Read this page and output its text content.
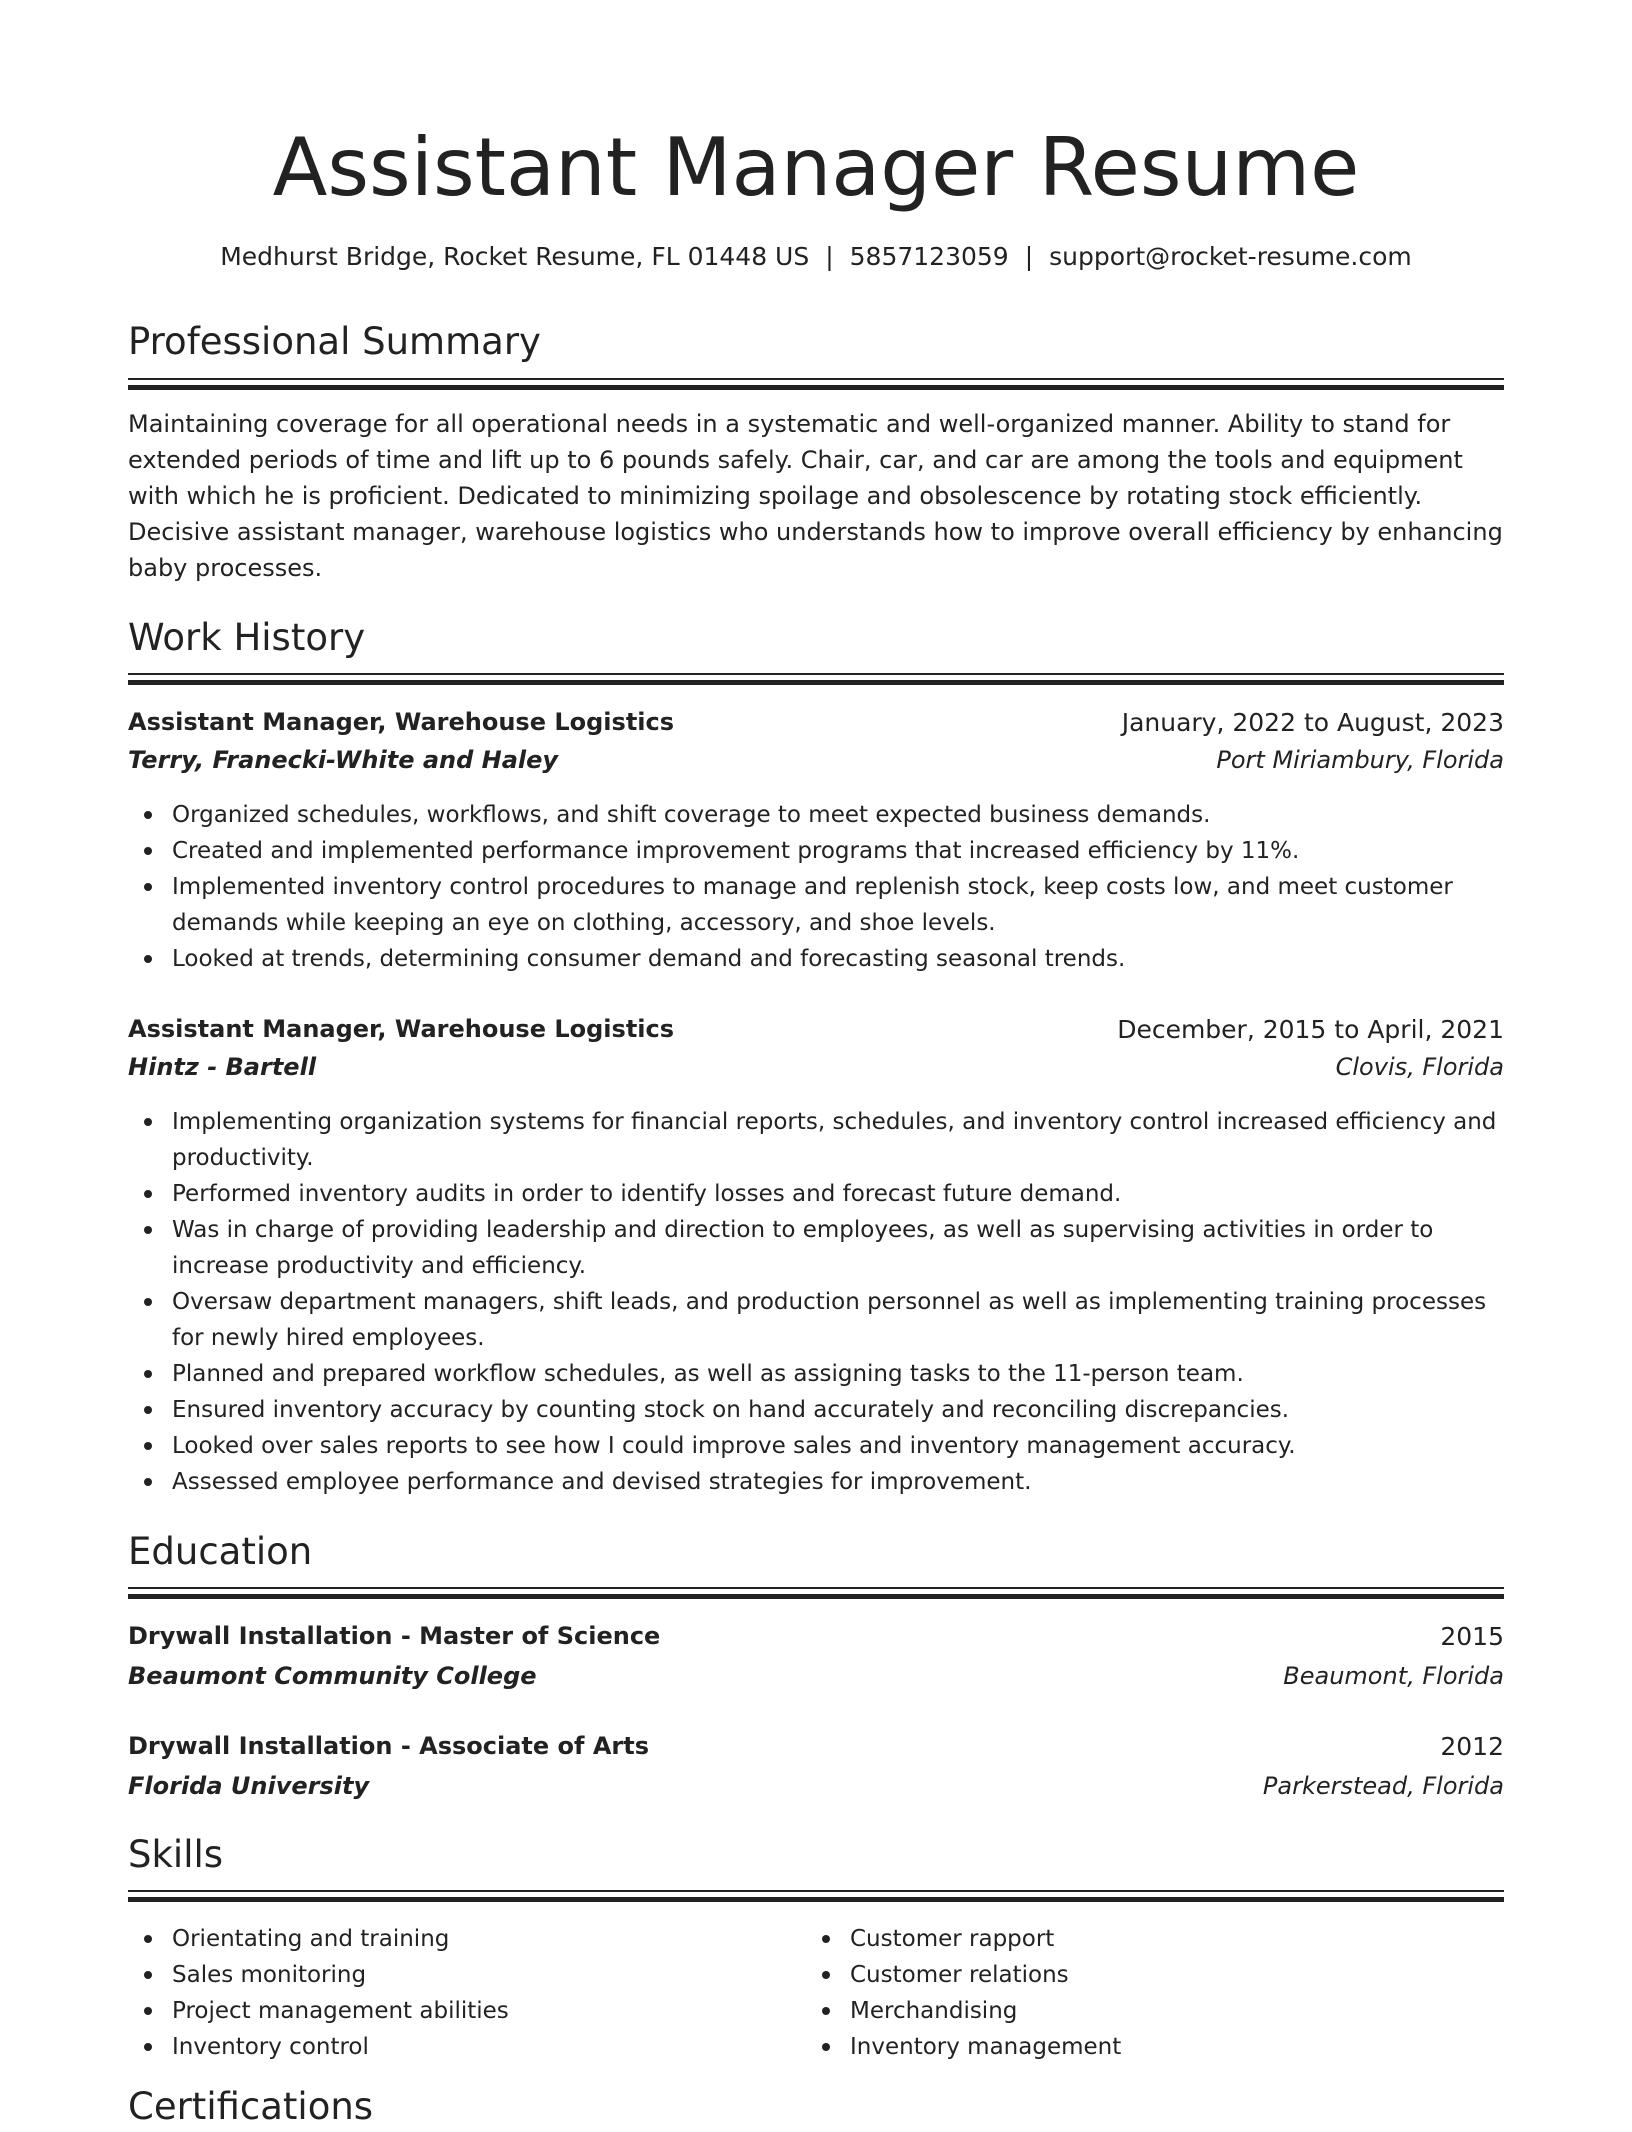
Assistant Manager Resume
Medhurst Bridge, Rocket Resume, FL 01448 US | 5857123059 | support@rocket-resume.com
Professional Summary

Maintaining coverage for all operational needs in a systematic and well-organized manner. Ability to stand for extended periods of time and lift up to 6 pounds safely. Chair, car, and car are among the tools and equipment with which he is proficient. Dedicated to minimizing spoilage and obsolescence by rotating stock efficiently. Decisive assistant manager, warehouse logistics who understands how to improve overall efficiency by enhancing baby processes.

Work History
Assistant Manager, Warehouse Logistics	January, 2022 to August, 2023
Terry, Franecki-White and Haley	Port Miriambury, Florida
Organized schedules, workflows, and shift coverage to meet expected business demands.
Created and implemented performance improvement programs that increased efficiency by 11%.
Implemented inventory control procedures to manage and replenish stock, keep costs low, and meet customer demands while keeping an eye on clothing, accessory, and shoe levels.
Looked at trends, determining consumer demand and forecasting seasonal trends.
Assistant Manager, Warehouse Logistics	December, 2015 to April, 2021
Hintz - Bartell	Clovis, Florida
Implementing organization systems for financial reports, schedules, and inventory control increased efficiency and productivity.
Performed inventory audits in order to identify losses and forecast future demand.
Was in charge of providing leadership and direction to employees, as well as supervising activities in order to increase productivity and efficiency.
Oversaw department managers, shift leads, and production personnel as well as implementing training processes for newly hired employees.
Planned and prepared workflow schedules, as well as assigning tasks to the 11-person team.
Ensured inventory accuracy by counting stock on hand accurately and reconciling discrepancies.
Looked over sales reports to see how I could improve sales and inventory management accuracy.
Assessed employee performance and devised strategies for improvement.
Education
Drywall Installation - Master of Science	2015
Beaumont Community College	Beaumont, Florida
Drywall Installation - Associate of Arts	2012
Florida University	Parkerstead, Florida
Skills
Orientating and training
Sales monitoring
Project management abilities
Inventory control
Customer rapport
Customer relations
Merchandising
Inventory management
Certifications
